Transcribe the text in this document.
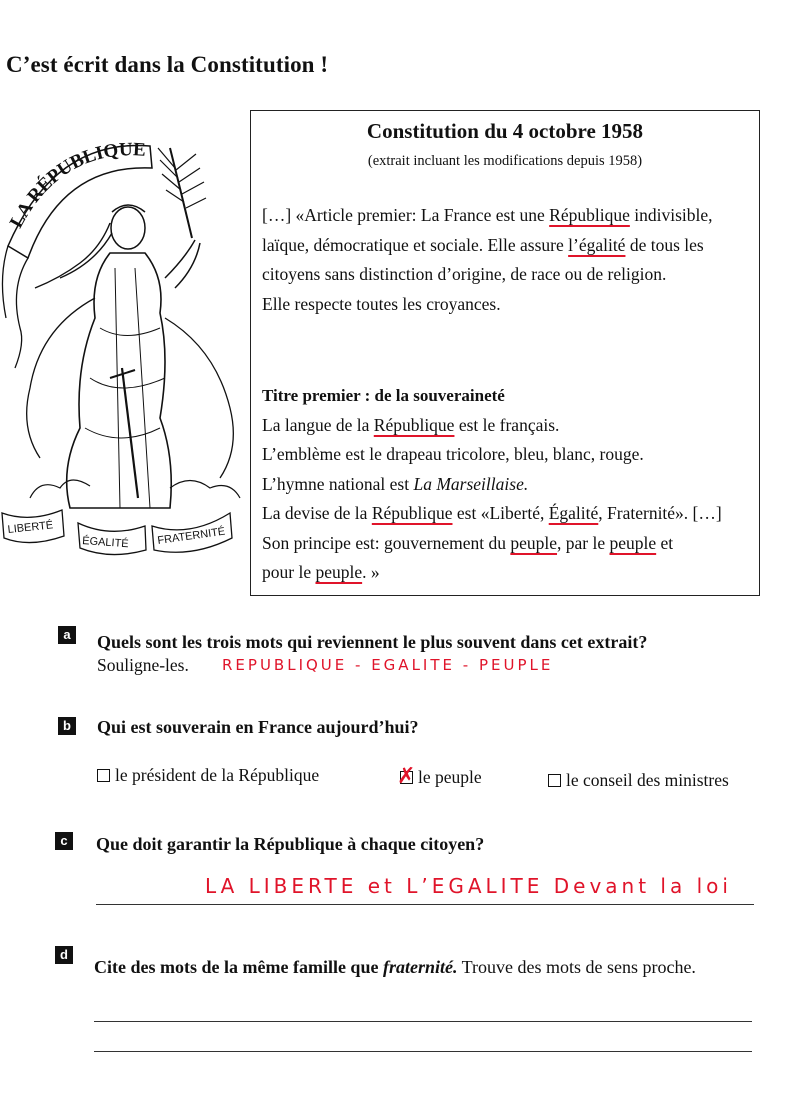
C’est écrit dans la Constitution !
LA RÉPUBLIQUE
LIBERTÉ
ÉGALITÉ	FRATERNITÉ
Constitution du 4 octobre 1958
(extrait incluant les modifications depuis 1958)
[…] «Article premier: La France est une République indivisible,
laïque, démocratique et sociale. Elle assure l’égalité de tous les
citoyens sans distinction d’origine, de race ou de religion.
Elle respecte toutes les croyances.
Titre premier : de la souveraineté
La langue de la République est le français.
L’emblème est le drapeau tricolore, bleu, blanc, rouge.
L’hymne national est La Marseillaise.
La devise de la République est «Liberté, Égalité, Fraternité». […]
Son principe est: gouvernement du peuple, par le peuple et
pour le peuple. »
a Quels sont les trois mots qui reviennent le plus souvent dans cet extrait?
Souligne-les. REPUBLIQUE - EGALITE - PEUPLE
b Qui est souverain en France aujourd’hui?
le président de la République	✗ le peuple	le conseil des ministres
c Que doit garantir la République à chaque citoyen?
LA LIBERTE et L’EGALITE Devant la loi
d
Cite des mots de la même famille que fraternité. Trouve des mots de sens proche.
